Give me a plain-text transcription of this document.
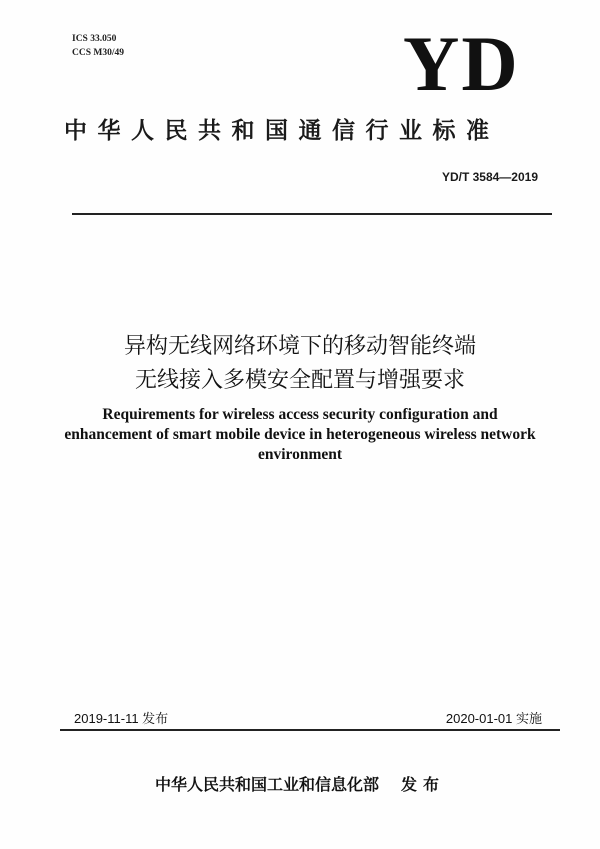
ICS 33.050
CCS M30/49	YD
中华人民共和国通信行业标准
YD/T 3584—2019
异构无线网络环境下的移动智能终端
无线接入多模安全配置与增强要求
Requirements for wireless access security configuration and
enhancement of smart mobile device in heterogeneous wireless network
environment
2019-11-11 发布	2020-01-01 实施
中华人民共和国工业和信息化部 发布
